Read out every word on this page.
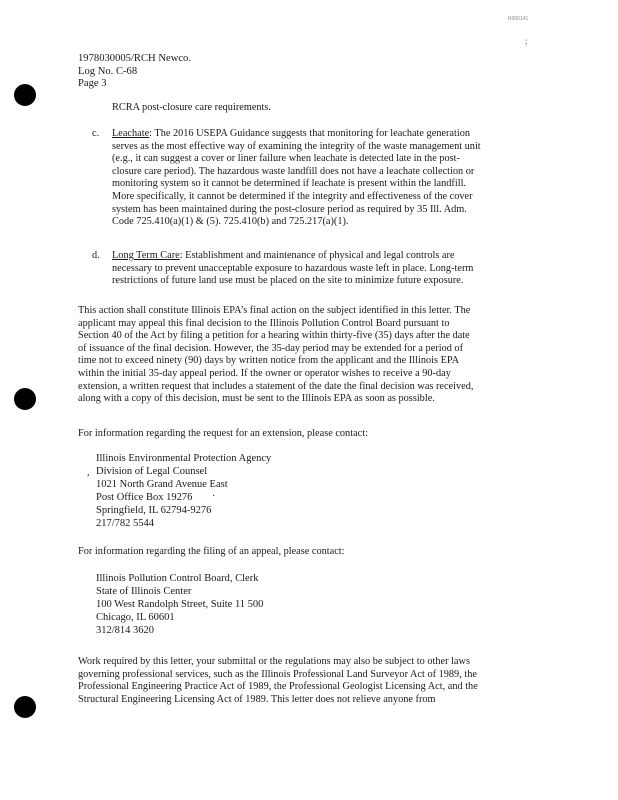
R000141
;
1978030005/RCH Newco.
Log No. C-68
Page 3
RCRA post-closure care requirements.
c. Leachate: The 2016 USEPA Guidance suggests that monitoring for leachate generation
serves as the most effective way of examining the integrity of the waste management unit
(e.g., it can suggest a cover or liner failure when leachate is detected late in the post-
closure care period). The hazardous waste landfill does not have a leachate collection or
monitoring system so it cannot be determined if leachate is present within the landfill.
More specifically, it cannot be determined if the integrity and effectiveness of the cover
system has been maintained during the post-closure period as required by 35 Ill. Adm.
Code 725.410(a)(1) & (5). 725.410(b) and 725.217(a)(1).
d. Long Term Care: Establishment and maintenance of physical and legal controls are
necessary to prevent unacceptable exposure to hazardous waste left in place. Long-term
restrictions of future land use must be placed on the site to minimize future exposure.
This action shall constitute Illinois EPA’s final action on the subject identified in this letter. The
applicant may appeal this final decision to the Illinois Pollution Control Board pursuant to
Section 40 of the Act by filing a petition for a hearing within thirty-five (35) days after the date
of issuance of the final decision. However, the 35-day period may be extended for a period of
time not to exceed ninety (90) days by written notice from the applicant and the Illinois EPA
within the initial 35-day appeal period. If the owner or operator wishes to receive a 90-day
extension, a written request that includes a statement of the date the final decision was received,
along with a copy of this decision, must be sent to the Illinois EPA as soon as possible.
For information regarding the request for an extension, please contact:
Illinois Environmental Protection Agency
Division of Legal Counsel
1021 North Grand Avenue East
Post Office Box 19276
Springfield, IL 62794-9276
217/782 5544
,
·
For information regarding the filing of an appeal, please contact:
Illinois Pollution Control Board, Clerk
State of Illinois Center
100 West Randolph Street, Suite 11 500
Chicago, IL 60601
312/814 3620
Work required by this letter, your submittal or the regulations may also be subject to other laws
governing professional services, such as the Illinois Professional Land Surveyor Act of 1989, the
Professional Engineering Practice Act of 1989, the Professional Geologist Licensing Act, and the
Structural Engineering Licensing Act of 1989. This letter does not relieve anyone from
